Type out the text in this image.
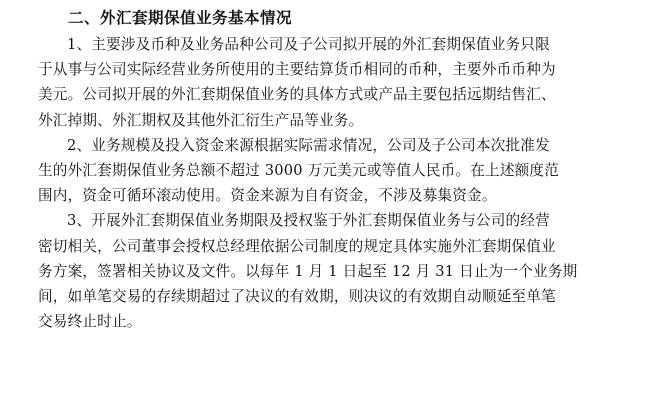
二、外汇套期保值业务基本情况
1、主要涉及币种及业务品种公司及子公司拟开展的外汇套期保值业务只限
于从事与公司实际经营业务所使用的主要结算货币相同的币种，主要外币币种为
美元。公司拟开展的外汇套期保值业务的具体方式或产品主要包括远期结售汇、
外汇掉期、外汇期权及其他外汇衍生产品等业务。
2、业务规模及投入资金来源根据实际需求情况，公司及子公司本次批准发
生的外汇套期保值业务总额不超过 3000 万元美元或等值人民币。在上述额度范
围内，资金可循环滚动使用。资金来源为自有资金，不涉及募集资金。
3、开展外汇套期保值业务期限及授权鉴于外汇套期保值业务与公司的经营
密切相关，公司董事会授权总经理依据公司制度的规定具体实施外汇套期保值业
务方案，签署相关协议及文件。以每年 1 月 1 日起至 12 月 31 日止为一个业务期
间，如单笔交易的存续期超过了决议的有效期，则决议的有效期自动顺延至单笔
交易终止时止。
